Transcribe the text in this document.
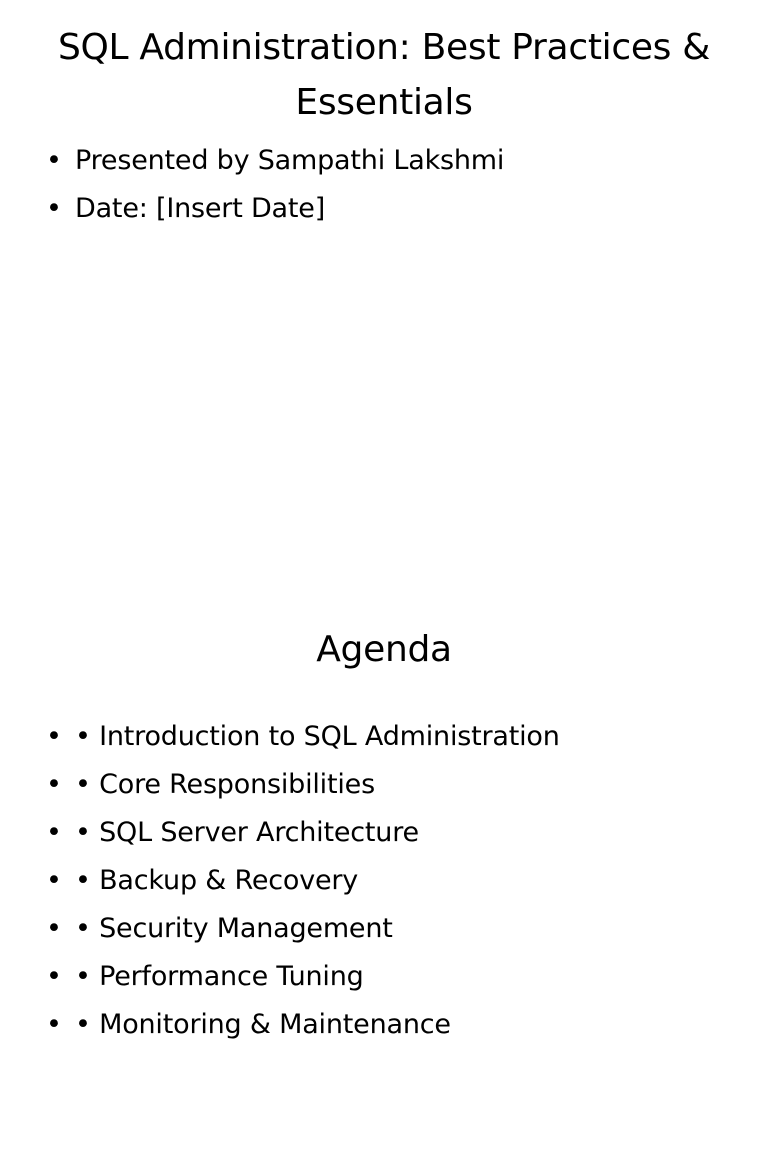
SQL Administration: Best Practices & Essentials
• Presented by Sampathi Lakshmi
• Date: [Insert Date]
Agenda
• • Introduction to SQL Administration
• • Core Responsibilities
• • SQL Server Architecture
• • Backup & Recovery
• • Security Management
• • Performance Tuning
• • Monitoring & Maintenance
